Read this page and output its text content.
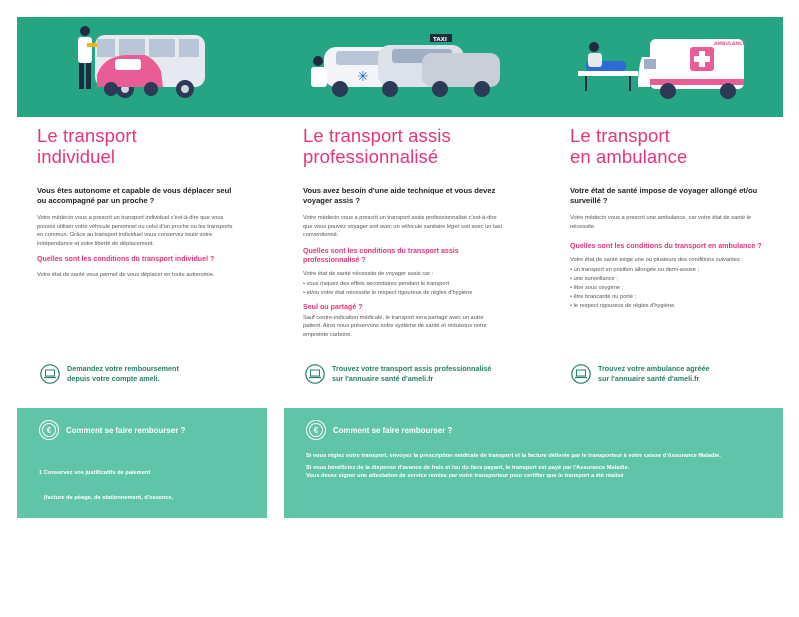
✳
TAXI
AMBULANCE
Le transport
individuel

Vous êtes autonome et capable de vous déplacer seul ou accompagné par un proche ?

Votre médecin vous a prescrit un transport individuel c'est-à-dire que vous pouvez utiliser votre véhicule personnel ou celui d'un proche ou les transports en commun. Grâce au transport individuel vous conservez toute votre indépendance et votre liberté de déplacement.

Quelles sont les conditions du transport individuel ?

Votre état de santé vous permet de vous déplacer en toute autonomie.

Le transport assis
professionnalisé

Vous avez besoin d'une aide technique et vous devez voyager assis ?

Votre médecin vous a prescrit un transport assis professionnalisé c'est-à-dire que vous pouvez voyager soit avec un véhicule sanitaire léger soit avec un taxi conventionné.

Quelles sont les conditions du transport assis professionnalisé ?

Votre état de santé nécessite de voyager assis car :

• vous risquez des effets secondaires pendant le transport
• et/ou votre état nécessite le respect rigoureux de règles d'hygiène

Seul ou partagé ?

Sauf contre-indication médicale, le transport sera partagé avec un autre patient. Ainsi nous préservons notre système de santé et réduisons notre empreinte carbone.

Le transport
en ambulance

Votre état de santé impose de voyager allongé et/ou surveillé ?

Votre médecin vous a prescrit une ambulance, car votre état de santé le nécessite.

Quelles sont les conditions du transport en ambulance ?

Votre état de santé exige une ou plusieurs des conditions suivantes :

• un transport en position allongée ou demi-assise ;
• une surveillance ;
• être sous oxygène ;
• être brancardé ou porté ;
• le respect rigoureux de règles d'hygiène.
Demandez votre remboursement
depuis votre compte ameli.
Trouvez votre transport assis professionnalisé
sur l'annuaire santé d'ameli.fr
Trouvez votre ambulance agréée
sur l'annuaire santé d'ameli.fr
€	Comment se faire rembourser ?

1 Conservez vos justificatifs de paiement

(facture de péage, de stationnement, d'essence,

de titres de transport en commun).

2 Envoyez votre prescription médicale de transport

et vos factures depuis votre compte ameli, rubrique

«mes démarches».

€	Comment se faire rembourser ?

Si vous réglez votre transport, envoyez la prescription médicale de transport et la facture délivrée par le transporteur à votre caisse d'Assurance Maladie.

Si vous bénéficiez de la dispense d'avance de frais et /ou du tiers payant, le transport est payé par l'Assurance Maladie.

Vous devez signer une attestation de service remise par votre transporteur pour certifier que le transport a été réalisé
